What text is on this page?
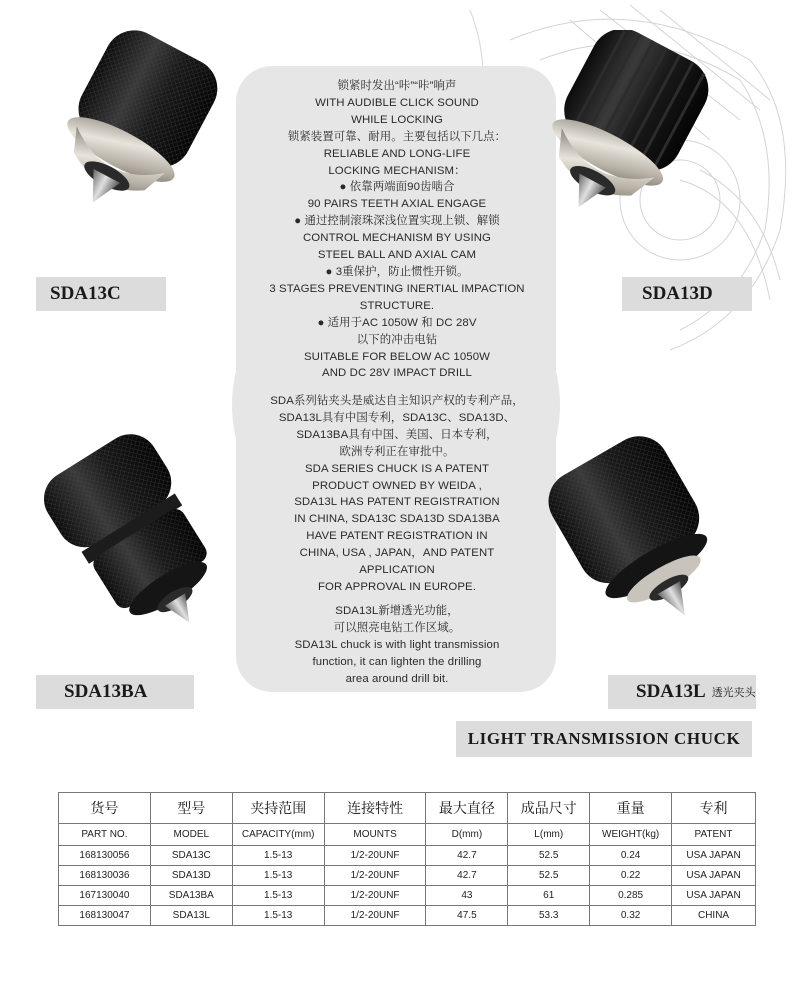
锁紧时发出“咔”“咔”响声
WITH AUDIBLE CLICK SOUND
WHILE LOCKING
锁紧装置可靠、耐用。主要包括以下几点：
RELIABLE AND LONG-LIFE
LOCKING MECHANISM：
● 依靠两端面90齿啮合
90 PAIRS TEETH AXIAL ENGAGE
● 通过控制滚珠深浅位置实现上锁、解锁
CONTROL MECHANISM BY USING
STEEL BALL AND AXIAL CAM
● 3重保护，防止惯性开锁。
3 STAGES PREVENTING INERTIAL IMPACTION
STRUCTURE.
● 适用于AC 1050W 和 DC 28V
以下的冲击电钻
SUITABLE FOR BELOW AC 1050W
AND DC 28V IMPACT DRILL
SDA系列钻夹头是威达自主知识产权的专利产品，
SDA13L具有中国专利，SDA13C、SDA13D、
SDA13BA具有中国、美国、日本专利，
欧洲专利正在审批中。
SDA SERIES CHUCK IS A PATENT
PRODUCT OWNED BY WEIDA ,
SDA13L HAS PATENT REGISTRATION
IN CHINA, SDA13C SDA13D SDA13BA
HAVE PATENT REGISTRATION IN
CHINA, USA , JAPAN，AND PATENT
APPLICATION
FOR APPROVAL IN EUROPE.
SDA13L新增透光功能，
可以照亮电钻工作区域。
SDA13L chuck is with light transmission
function, it can lighten the drilling
area around drill bit.
SDA13C	SDA13D
SDA13BA	SDA13L 透光夹头
LIGHT TRANSMISSION CHUCK
货号	型号	夹持范围	连接特性	最大直径	成品尺寸	重量	专利
PART NO.	MODEL	CAPACITY(mm)	MOUNTS	D(mm)	L(mm)	WEIGHT(kg)	PATENT
168130056	SDA13C	1.5-13	1/2-20UNF	42.7	52.5	0.24	USA JAPAN
168130036	SDA13D	1.5-13	1/2-20UNF	42.7	52.5	0.22	USA JAPAN
167130040	SDA13BA	1.5-13	1/2-20UNF	43	61	0.285	USA JAPAN
168130047	SDA13L	1.5-13	1/2-20UNF	47.5	53.3	0.32	CHINA
